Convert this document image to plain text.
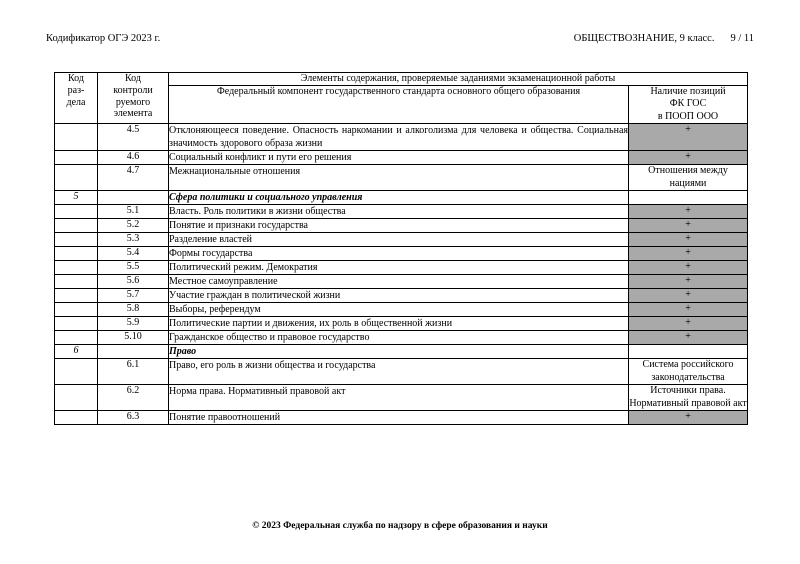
Кодификатор ОГЭ 2023 г.	ОБЩЕСТВОЗНАНИЕ, 9 класс. 9 / 11
Код
раз-
дела

Код
контроли
руемого
элемента
	Элементы содержания, проверяемые заданиями экзаменационной работы
		Федеральный компонент государственного стандарта основного общего образования	Наличие позиций
ФК ГОС
в ПООП ООО

	4.5	Отклоняющееся поведение. Опасность наркомании и алкоголизма для человека и общества. Социальная значимость здорового образа жизни	+
	4.6	Социальный конфликт и пути его решения	+
	4.7	Межнациональные отношения	Отношения между нациями
5		Сфера политики и социального управления	
	5.1	Власть. Роль политики в жизни общества	+
	5.2	Понятие и признаки государства	+
	5.3	Разделение властей	+
	5.4	Формы государства	+
	5.5	Политический режим. Демократия	+
	5.6	Местное самоуправление	+
	5.7	Участие граждан в политической жизни	+
	5.8	Выборы, референдум	+
	5.9	Политические партии и движения, их роль в общественной жизни	+
	5.10	Гражданское общество и правовое государство	+
6		Право	
	6.1	Право, его роль в жизни общества и государства	Система российского законодательства
	6.2	Норма права. Нормативный правовой акт	Источники права. Нормативный правовой акт
	6.3	Понятие правоотношений	+
© 2023 Федеральная служба по надзору в сфере образования и науки
